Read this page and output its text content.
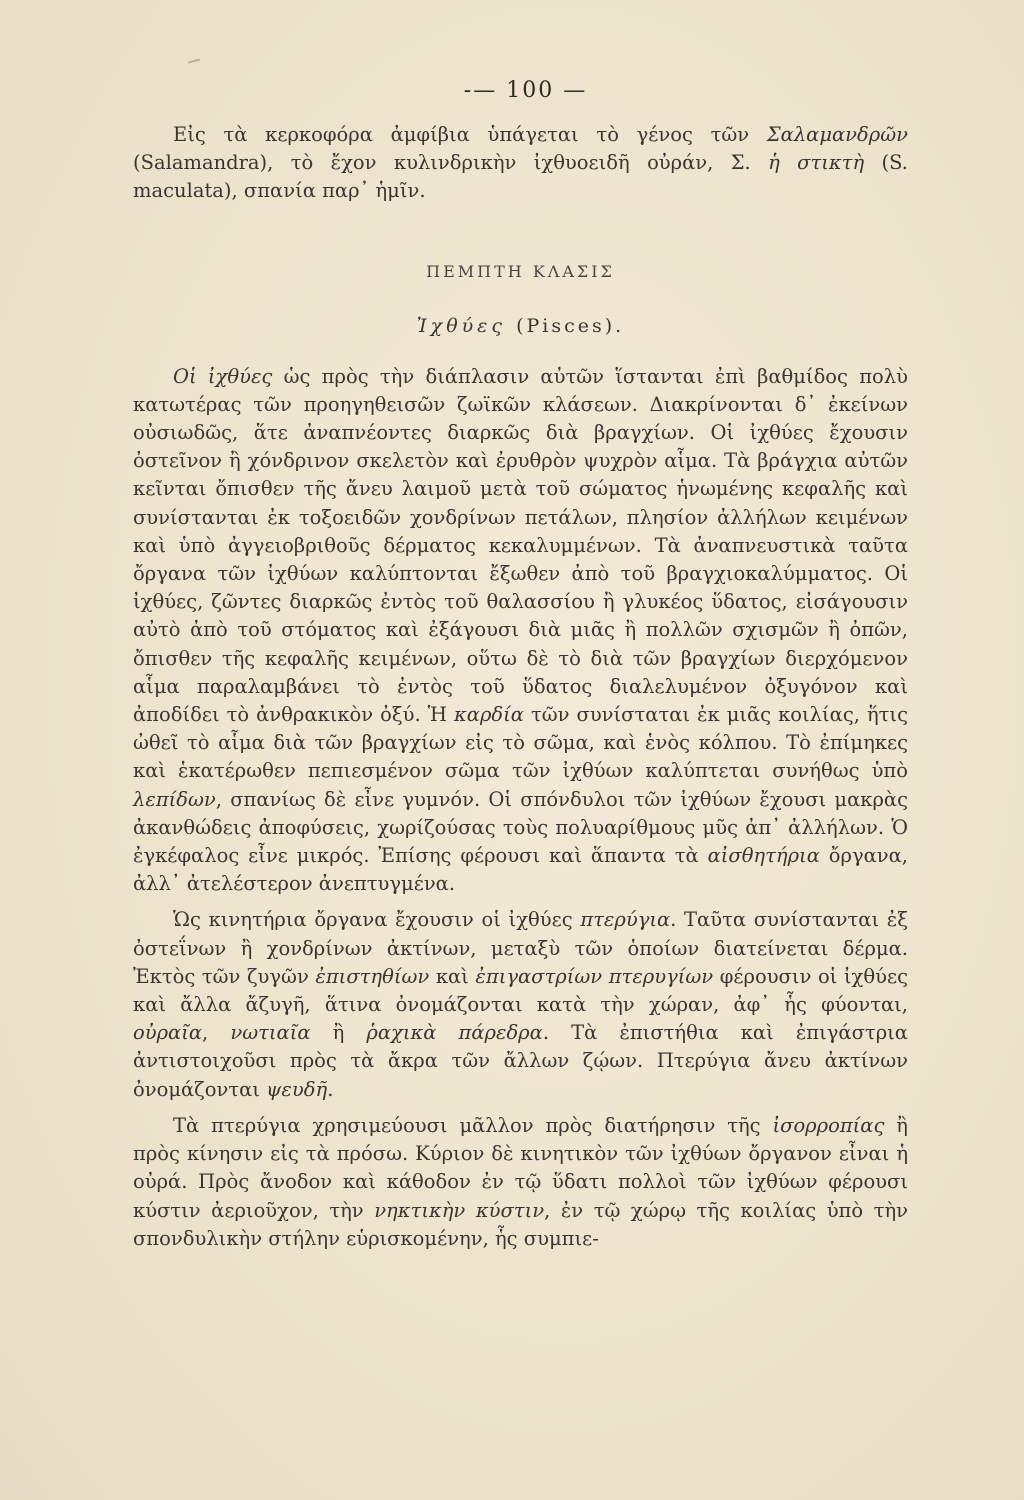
-— 100 —

Εἰς τὰ κερκοφόρα ἀμφίβια ὑπάγεται τὸ γένος τῶν Σαλαμανδρῶν (Salamandra), τὸ ἔχον κυλινδρικὴν ἰχθυοειδῆ οὐράν, Σ. ἡ στικτὴ (S. maculata), σπανία παρ᾿ ἡμῖν.

ΠΕΜΠΤΗ ΚΛΑΣΙΣ
Ἰχθύες (Pisces).

Οἱ ἰχθύες ὡς πρὸς τὴν διάπλασιν αὐτῶν ἵστανται ἐπὶ βαθμίδος πολὺ κατωτέρας τῶν προηγηθεισῶν ζωϊκῶν κλάσεων. Διακρίνονται δ᾿ ἐκείνων οὐσιωδῶς, ἅτε ἀναπνέοντες διαρκῶς διὰ βραγχίων. Οἱ ἰχθύες ἔχουσιν ὀστεῖνον ἢ χόνδρινον σκελετὸν καὶ ἐρυθρὸν ψυχρὸν αἷμα. Τὰ βράγχια αὐτῶν κεῖνται ὄπισθεν τῆς ἄνευ λαιμοῦ μετὰ τοῦ σώματος ἡνωμένης κεφαλῆς καὶ συνίστανται ἐκ τοξοειδῶν χονδρίνων πετάλων, πλησίον ἀλλήλων κειμένων καὶ ὑπὸ ἀγγειοβριθοῦς δέρματος κεκαλυμμένων. Τὰ ἀναπνευστικὰ ταῦτα ὄργανα τῶν ἰχθύων καλύπτονται ἔξωθεν ἀπὸ τοῦ βραγχιοκαλύμματος. Οἱ ἰχθύες, ζῶντες διαρκῶς ἐντὸς τοῦ θαλασσίου ἢ γλυκέος ὕδατος, εἰσάγουσιν αὐτὸ ἀπὸ τοῦ στόματος καὶ ἐξάγουσι διὰ μιᾶς ἢ πολλῶν σχισμῶν ἢ ὀπῶν, ὄπισθεν τῆς κεφαλῆς κειμένων, οὕτω δὲ τὸ διὰ τῶν βραγχίων διερχόμενον αἷμα παραλαμβάνει τὸ ἐντὸς τοῦ ὕδατος διαλελυμένον ὀξυγόνον καὶ ἀποδίδει τὸ ἀνθρακικὸν ὀξύ. Ἡ καρδία τῶν συνίσταται ἐκ μιᾶς κοιλίας, ἥτις ὠθεῖ τὸ αἷμα διὰ τῶν βραγχίων εἰς τὸ σῶμα, καὶ ἑνὸς κόλπου. Τὸ ἐπίμηκες καὶ ἑκατέρωθεν πεπιεσμένον σῶμα τῶν ἰχθύων καλύπτεται συνήθως ὑπὸ λεπίδων, σπανίως δὲ εἶνε γυμνόν. Οἱ σπόνδυλοι τῶν ἰχθύων ἔχουσι μακρὰς ἀκανθώδεις ἀποφύσεις, χωρίζούσας τοὺς πολυαρίθμους μῦς ἀπ᾿ ἀλλήλων. Ὁ ἐγκέφαλος εἶνε μικρός. Ἐπίσης φέρουσι καὶ ἅπαντα τὰ αἰσθητήρια ὄργανα, ἀλλ᾿ ἀτελέστερον ἀνεπτυγμένα.

Ὡς κινητήρια ὄργανα ἔχουσιν οἱ ἰχθύες πτερύγια. Ταῦτα συνίστανται ἐξ ὀστεΐνων ἢ χονδρίνων ἀκτίνων, μεταξὺ τῶν ὁποίων διατείνεται δέρμα. Ἐκτὸς τῶν ζυγῶν ἐπιστηθίων καὶ ἐπιγαστρίων πτερυγίων φέρουσιν οἱ ἰχθύες καὶ ἄλλα ἄζυγῆ, ἅτινα ὀνομάζονται κατὰ τὴν χώραν, ἀφ᾿ ἧς φύονται, οὐραῖα, νωτιαῖα ἢ ῥαχικὰ πάρεδρα. Τὰ ἐπιστήθια καὶ ἐπιγάστρια ἀντιστοιχοῦσι πρὸς τὰ ἄκρα τῶν ἄλλων ζῴων. Πτερύγια ἄνευ ἀκτίνων ὀνομάζονται ψευδῆ.

Τὰ πτερύγια χρησιμεύουσι μᾶλλον πρὸς διατήρησιν τῆς ἰσορροπίας ἢ πρὸς κίνησιν εἰς τὰ πρόσω. Κύριον δὲ κινητικὸν τῶν ἰχθύων ὄργανον εἶναι ἡ οὐρά. Πρὸς ἄνοδον καὶ κάθοδον ἐν τῷ ὕδατι πολλοὶ τῶν ἰχθύων φέρουσι κύστιν ἀεριοῦχον, τὴν νηκτικὴν κύστιν, ἐν τῷ χώρῳ τῆς κοιλίας ὑπὸ τὴν σπονδυλικὴν στήλην εὑρισκομένην, ἧς συμπιε-
